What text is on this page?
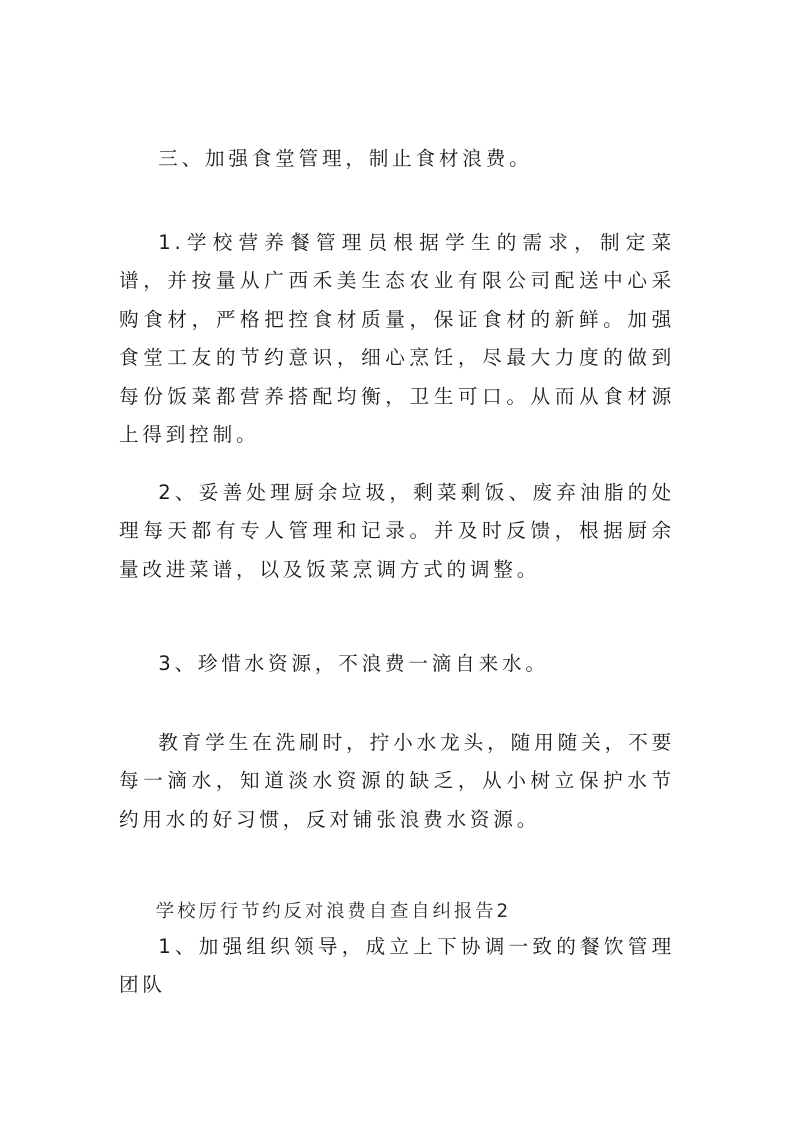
三、加强食堂管理，制止食材浪费。

1.学校营养餐管理员根据学生的需求，制定菜谱，并按量从广西禾美生态农业有限公司配送中心采购食材，严格把控食材质量，保证食材的新鲜。加强食堂工友的节约意识，细心烹饪，尽最大力度的做到每份饭菜都营养搭配均衡，卫生可口。从而从食材源上得到控制。

2、妥善处理厨余垃圾，剩菜剩饭、废弃油脂的处理每天都有专人管理和记录。并及时反馈，根据厨余量改进菜谱，以及饭菜烹调方式的调整。

3、珍惜水资源，不浪费一滴自来水。

教育学生在洗刷时，拧小水龙头，随用随关，不要每一滴水，知道淡水资源的缺乏，从小树立保护水节约用水的好习惯，反对铺张浪费水资源。

学校厉行节约反对浪费自查自纠报告2

1、加强组织领导，成立上下协调一致的餐饮管理团队
